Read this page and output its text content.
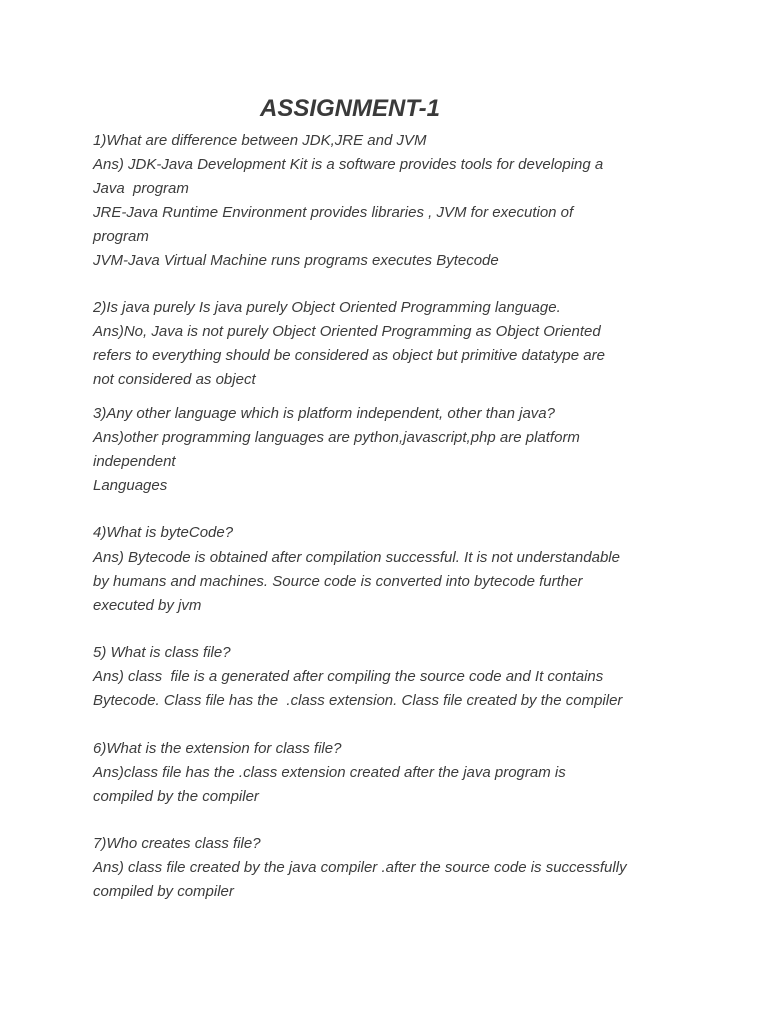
ASSIGNMENT-1
1)What are difference between JDK,JRE and JVM
Ans) JDK-Java Development Kit is a software provides tools for developing a
Java  program
JRE-Java Runtime Environment provides libraries , JVM for execution of
program
JVM-Java Virtual Machine runs programs executes Bytecode
2)Is java purely Is java purely Object Oriented Programming language.
Ans)No, Java is not purely Object Oriented Programming as Object Oriented
refers to everything should be considered as object but primitive datatype are
not considered as object
3)Any other language which is platform independent, other than java?
Ans)other programming languages are python,javascript,php are platform
independent
Languages
4)What is byteCode?
Ans) Bytecode is obtained after compilation successful. It is not understandable
by humans and machines. Source code is converted into bytecode further
executed by jvm
5) What is class file?
Ans) class  file is a generated after compiling the source code and It contains
Bytecode. Class file has the  .class extension. Class file created by the compiler
6)What is the extension for class file?
Ans)class file has the .class extension created after the java program is
compiled by the compiler
7)Who creates class file?
Ans) class file created by the java compiler .after the source code is successfully
compiled by compiler
